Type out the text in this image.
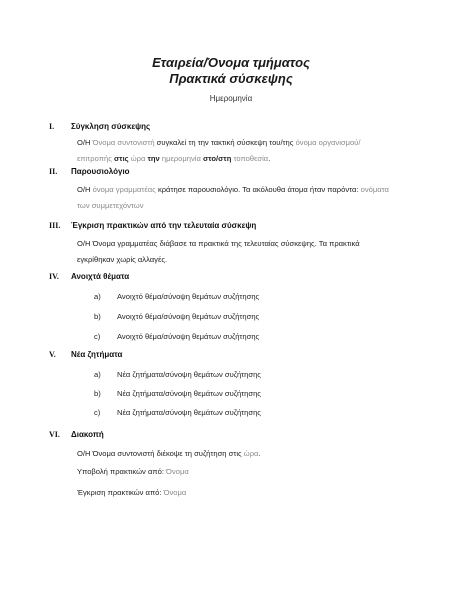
Εταιρεία/Όνομα τμήματος
Πρακτικά σύσκεψης
Ημερομηνία
I. Σύγκληση σύσκεψης
Ο/Η Όνομα συντονιστή συγκαλεί τη την τακτική σύσκεψη του/της όνομα οργανισμού/επιτροπής στις ώρα την ημερομηνία στο/στη τοποθεσία.
II. Παρουσιολόγιο
Ο/Η όνομα γραμματέας κράτησε παρουσιολόγιο. Τα ακόλουθα άτομα ήταν παρόντα: ονόματα των συμμετεχόντων
III. Έγκριση πρακτικών από την τελευταία σύσκεψη
Ο/Η Όνομα γραμματέας διάβασε τα πρακτικά της τελευταίας σύσκεψης. Τα πρακτικά εγκρίθηκαν χωρίς αλλαγές.
IV. Ανοιχτά θέματα
a) Ανοιχτό θέμα/σύνοψη θεμάτων συζήτησης
b) Ανοιχτό θέμα/σύνοψη θεμάτων συζήτησης
c) Ανοιχτό θέμα/σύνοψη θεμάτων συζήτησης
V. Νέα ζητήματα
a) Νέα ζητήματα/σύνοψη θεμάτων συζήτησης
b) Νέα ζητήματα/σύνοψη θεμάτων συζήτησης
c) Νέα ζητήματα/σύνοψη θεμάτων συζήτησης
VI. Διακοπή
Ο/Η Όνομα συντονιστή διέκοψε τη συζήτηση στις ώρα.
Υποβολή πρακτικών από: Όνομα
Έγκριση πρακτικών από: Όνομα
